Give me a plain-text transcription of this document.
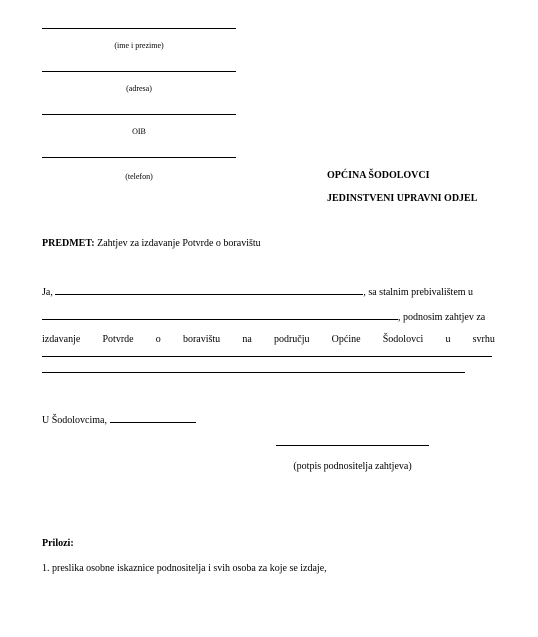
(ime i prezime)
(adresa)
OIB
(telefon)	OPĆINA ŠODOLOVCI
JEDINSTVENI UPRAVNI ODJEL
PREDMET: Zahtjev za izdavanje Potvrde o boravištu
Ja,	, sa stalnim prebivalištem u
, podnosim zahtjev za
izdavanje Potvrde o boravištu na području Općine Šodolovci u svrhu
U Šodolovcima,
(potpis podnositelja zahtjeva)
Prilozi:
1. preslika osobne iskaznice podnositelja i svih osoba za koje se izdaje,
